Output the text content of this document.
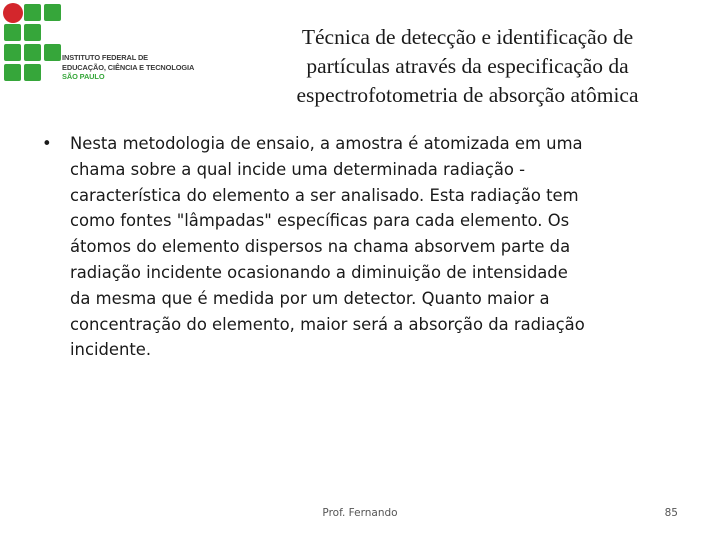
INSTITUTO FEDERAL DE
EDUCAÇÃO, CIÊNCIA E TECNOLOGIA
SÃO PAULO
Técnica de detecção e identificação de
partículas através da especificação da
espectrofotometria de absorção atômica
• Nesta metodologia de ensaio, a amostra é atomizada em uma
chama sobre a qual incide uma determinada radiação -
característica do elemento a ser analisado. Esta radiação tem
como fontes "lâmpadas" específicas para cada elemento. Os
átomos do elemento dispersos na chama absorvem parte da
radiação incidente ocasionando a diminuição de intensidade
da mesma que é medida por um detector. Quanto maior a
concentração do elemento, maior será a absorção da radiação
incidente.
Prof. Fernando	85
